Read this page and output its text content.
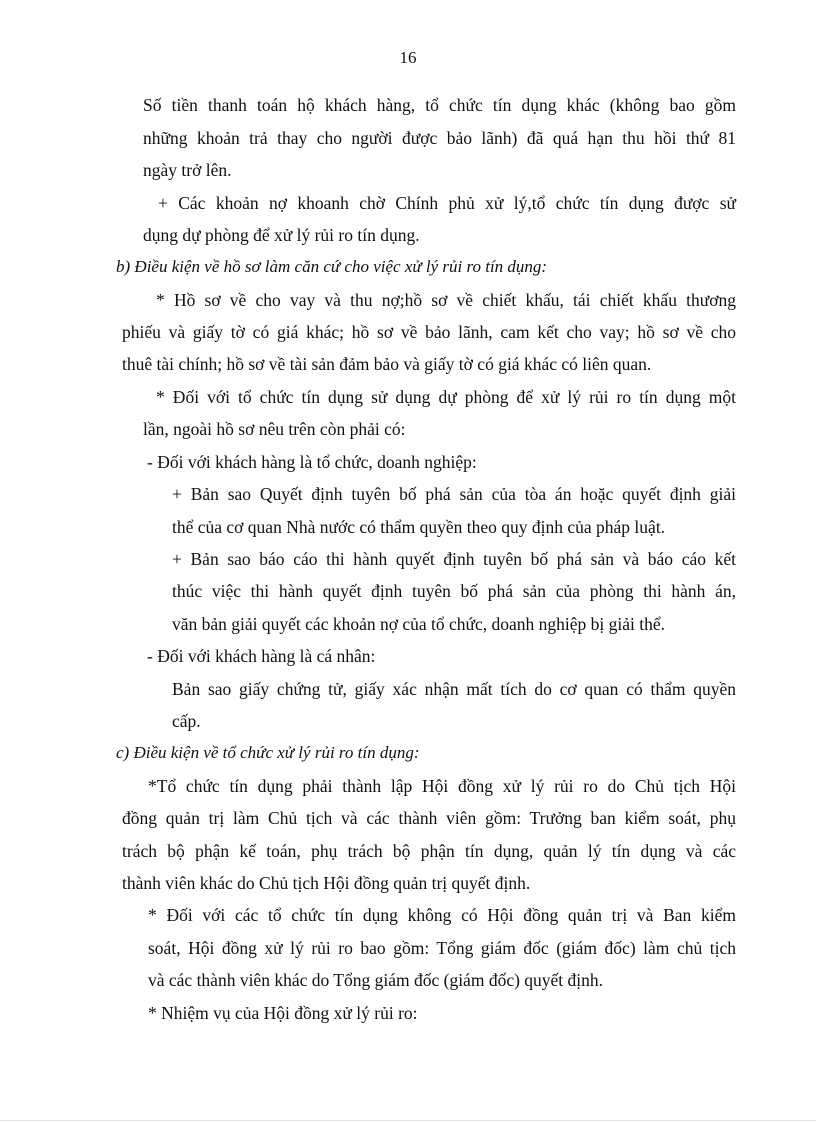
16
Số tiền thanh toán hộ khách hàng, tổ chức tín dụng khác (không bao gồm
những khoản trả thay cho người được bảo lãnh) đã quá hạn thu hồi thứ 81
ngày trở lên.
+ Các khoản nợ khoanh chờ Chính phủ xử lý,tổ chức tín dụng được sử
dụng dự phòng để xử lý rủi ro tín dụng.
b) Điều kiện về hồ sơ làm căn cứ cho việc xử lý rủi ro tín dụng:
* Hồ sơ về cho vay và thu nợ;hồ sơ về chiết khấu, tái chiết khấu thương
phiếu và giấy tờ có giá khác; hồ sơ về bảo lãnh, cam kết cho vay; hồ sơ về cho
thuê tài chính; hồ sơ về tài sản đảm bảo và giấy tờ có giá khác có liên quan.
* Đối với tổ chức tín dụng sử dụng dự phòng để xử lý rủi ro tín dụng một
lần, ngoài hồ sơ nêu trên còn phải có:
- Đối với khách hàng là tổ chức, doanh nghiệp:
+ Bản sao Quyết định tuyên bố phá sản của tòa án hoặc quyết định giải
thể của cơ quan Nhà nước có thẩm quyền theo quy định của pháp luật.
+ Bản sao báo cáo thi hành quyết định tuyên bố phá sản và báo cáo kết
thúc việc thi hành quyết định tuyên bố phá sản của phòng thi hành án,
văn bản giải quyết các khoản nợ của tổ chức, doanh nghiệp bị giải thể.
- Đối với khách hàng là cá nhân:
Bản sao giấy chứng tử, giấy xác nhận mất tích do cơ quan có thẩm quyền
cấp.
c) Điều kiện về tổ chức xử lý rủi ro tín dụng:
*Tổ chức tín dụng phải thành lập Hội đồng xử lý rủi ro do Chủ tịch Hội
đồng quản trị làm Chủ tịch và các thành viên gồm: Trưởng ban kiểm soát, phụ
trách bộ phận kế toán, phụ trách bộ phận tín dụng, quản lý tín dụng và các
thành viên khác do Chủ tịch Hội đồng quản trị quyết định.
* Đối với các tổ chức tín dụng không có Hội đồng quản trị và Ban kiểm
soát, Hội đồng xử lý rủi ro bao gồm: Tổng giám đốc (giám đốc) làm chủ tịch
và các thành viên khác do Tổng giám đốc (giám đốc) quyết định.
* Nhiệm vụ của Hội đồng xử lý rủi ro:
